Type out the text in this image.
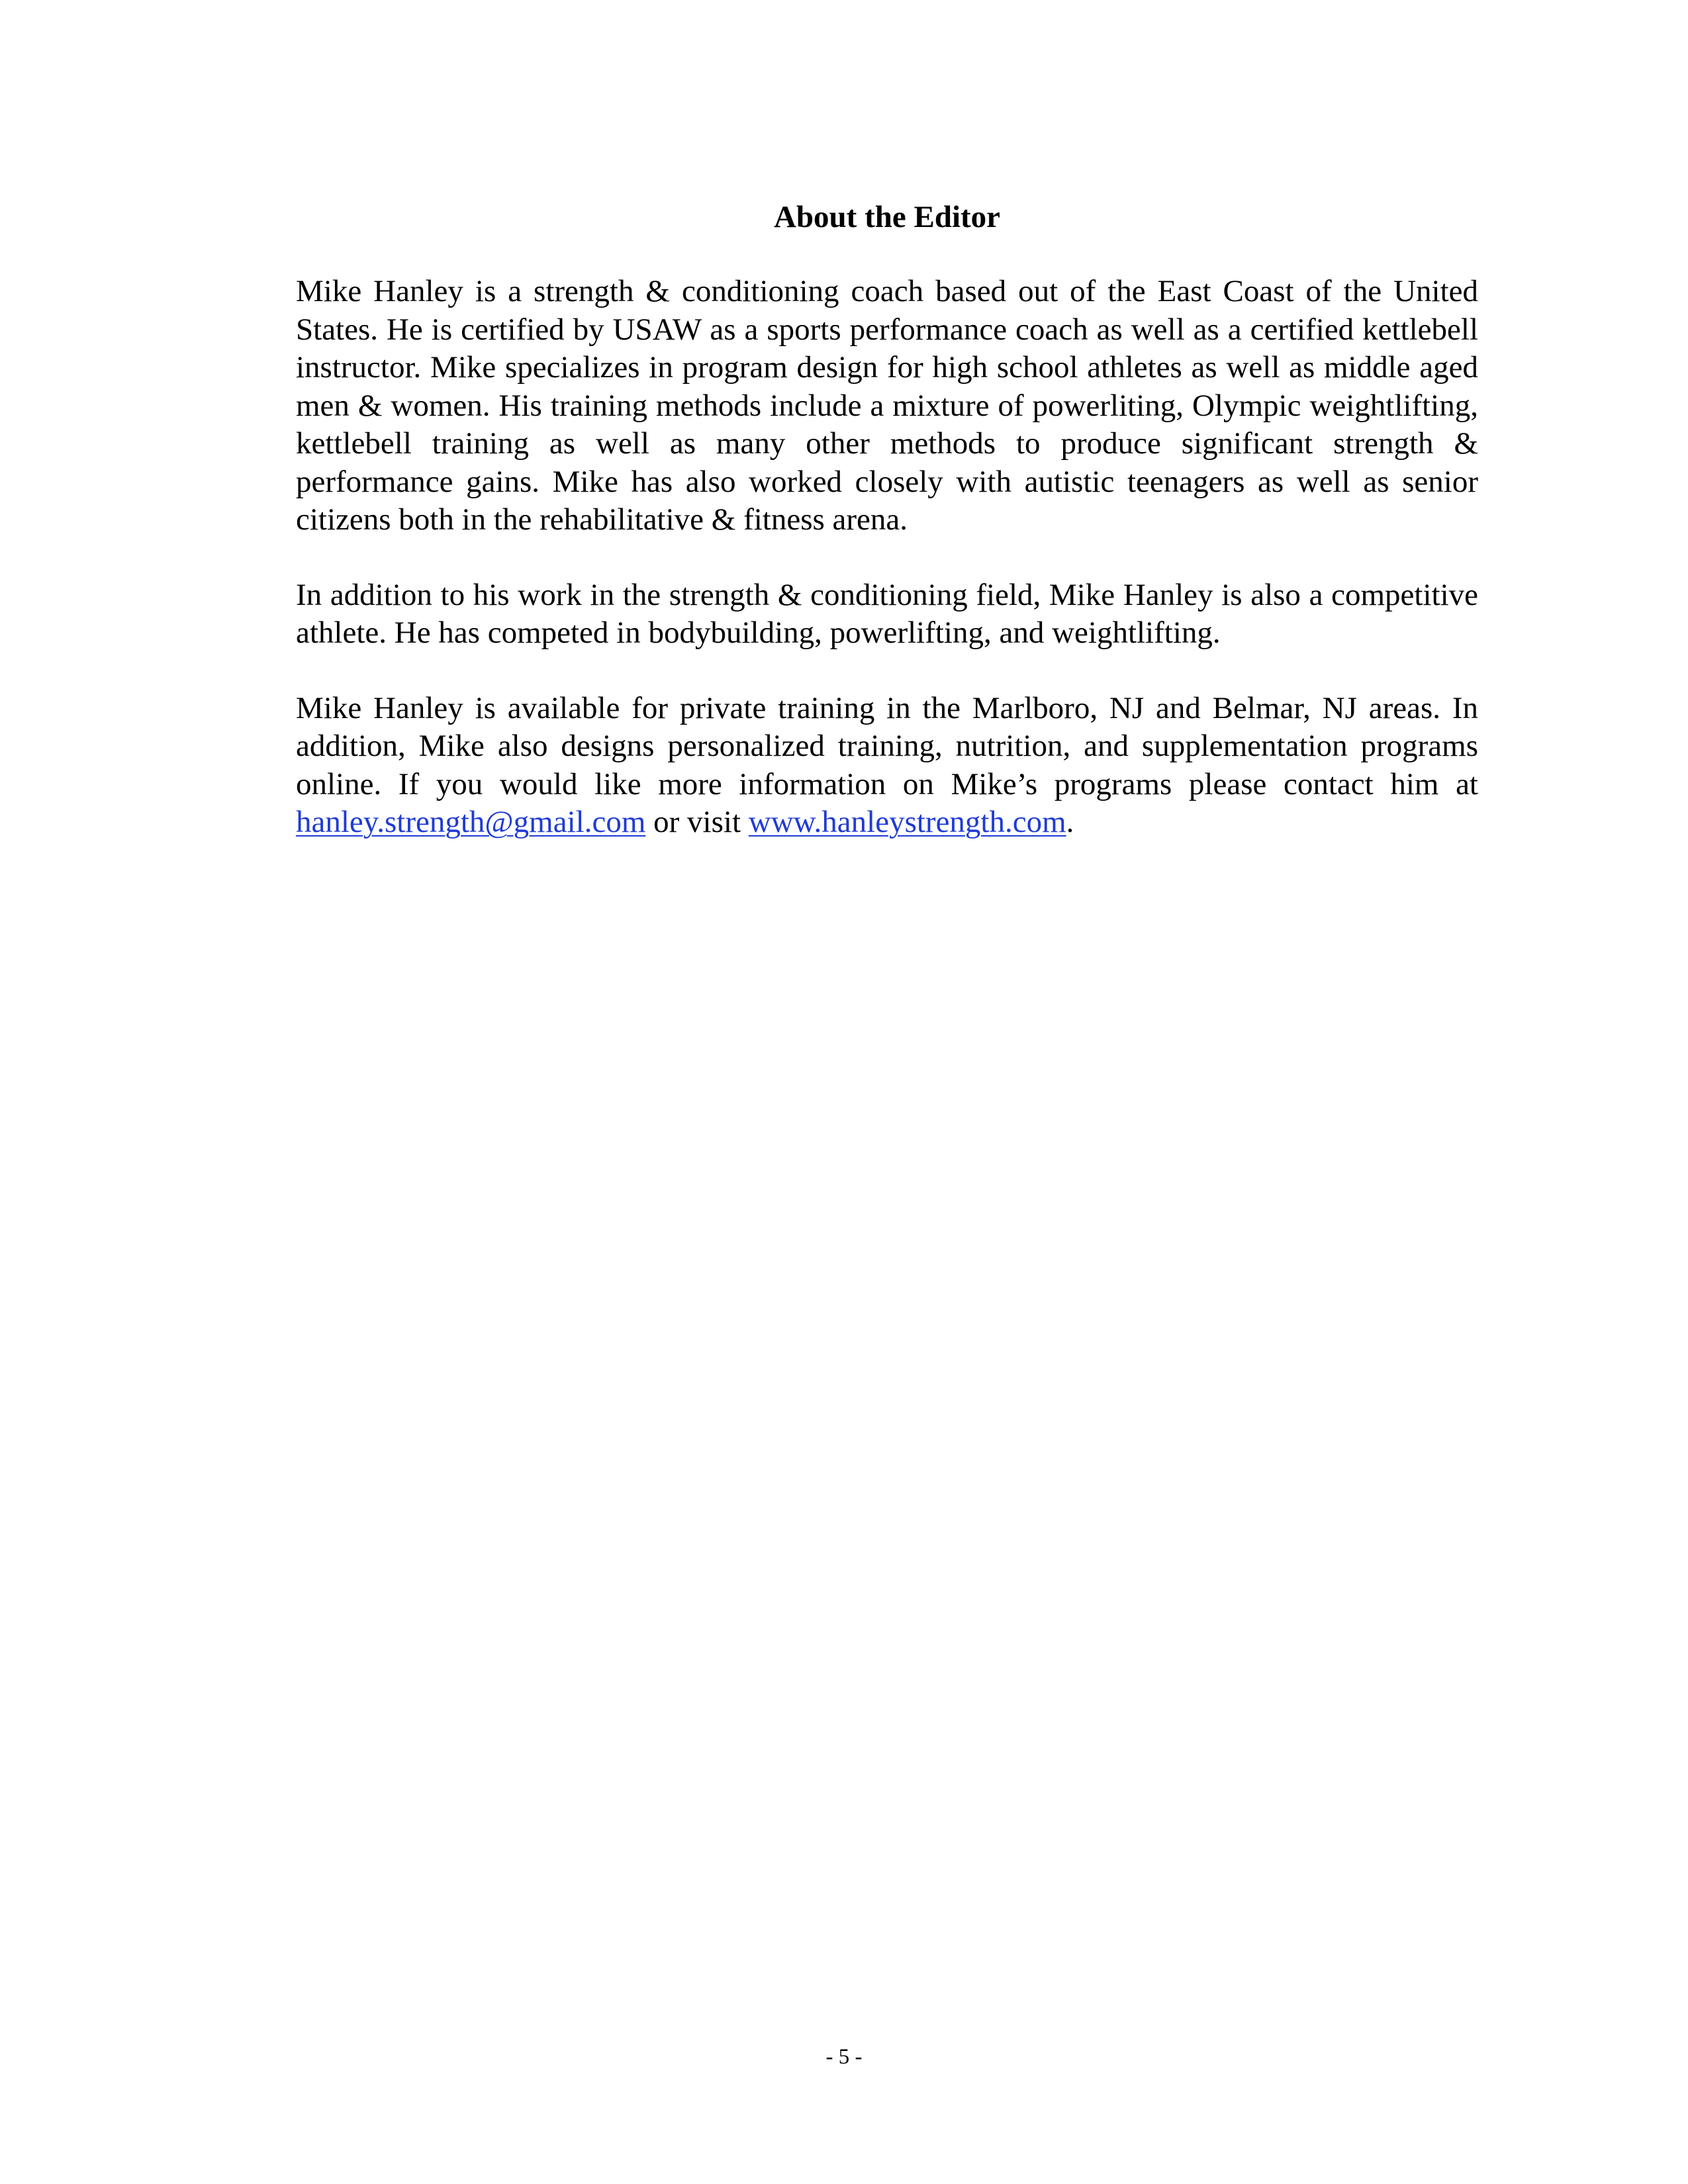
About the Editor

Mike Hanley is a strength & conditioning coach based out of the East Coast of the United States. He is certified by USAW as a sports performance coach as well as a certified kettlebell instructor. Mike specializes in program design for high school athletes as well as middle aged men & women. His training methods include a mixture of powerliting, Olympic weightlifting, kettlebell training as well as many other methods to produce significant strength & performance gains. Mike has also worked closely with autistic teenagers as well as senior citizens both in the rehabilitative & fitness arena.

In addition to his work in the strength & conditioning field, Mike Hanley is also a competitive athlete. He has competed in bodybuilding, powerlifting, and weightlifting.

Mike Hanley is available for private training in the Marlboro, NJ and Belmar, NJ areas. In addition, Mike also designs personalized training, nutrition, and supplementation programs online. If you would like more information on Mike’s programs please contact him at hanley.strength@gmail.com or visit www.hanleystrength.com.

- 5 -
